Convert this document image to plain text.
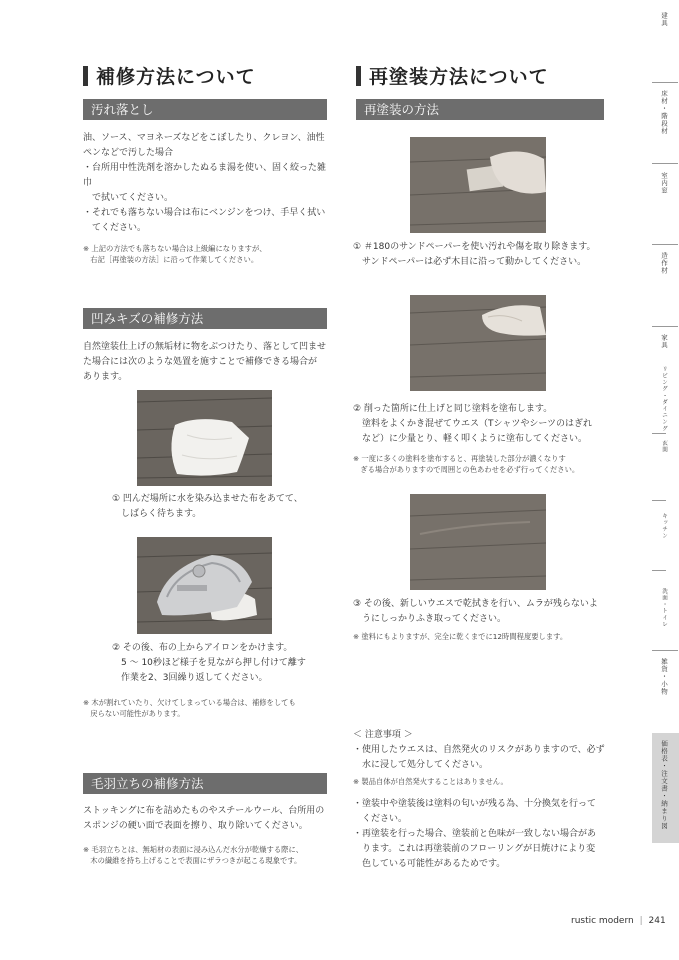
補修方法について
汚れ落とし

油、ソース、マヨネーズなどをこぼしたり、クレヨン、油性

ペンなどで汚した場合

・台所用中性洗剤を溶かしたぬるま湯を使い、固く絞った雑巾

　で拭いてください。

・それでも落ちない場合は布にベンジンをつけ、手早く拭い

　てください。

※ 上記の方法でも落ちない場合は上級編になりますが、

　右記［再塗装の方法］に沿って作業してください。

凹みキズの補修方法

自然塗装仕上げの無垢材に物をぶつけたり、落として凹ませ

た場合には次のような処置を施すことで補修できる場合が

あります。

① 凹んだ場所に水を染み込ませた布をあてて、

　しばらく待ちます。

② その後、布の上からアイロンをかけます。

　5 〜 10秒ほど様子を見ながら押し付けて離す

　作業を2、3回繰り返してください。

※ 木が割れていたり、欠けてしまっている場合は、補修をしても

　戻らない可能性があります。

毛羽立ちの補修方法

ストッキングに布を詰めたものやスチールウール、台所用の

スポンジの硬い面で表面を擦り、取り除いてください。

※ 毛羽立ちとは、無垢材の表面に浸み込んだ水分が乾燥する際に、

　木の繊維を持ち上げることで表面にザラつきが起こる現象です。

再塗装方法について
再塗装の方法

① ＃180のサンドペーパーを使い汚れや傷を取り除きます。

　サンドペーパーは必ず木目に沿って動かしてください。

② 削った箇所に仕上げと同じ塗料を塗布します。

　塗料をよくかき混ぜてウエス（Tシャツやシーツのはぎれ

　など）に少量とり、軽く叩くように塗布してください。

※ 一度に多くの塗料を塗布すると、再塗装した部分が濃くなりす

　ぎる場合がありますので周囲との色あわせを必ず行ってください。

③ その後、新しいウエスで乾拭きを行い、ムラが残らないよ

　うにしっかりふき取ってください。

※ 塗料にもよりますが、完全に乾くまでに12時間程度要します。

＜ 注意事項 ＞

・使用したウエスは、自然発火のリスクがありますので、必ず

　水に浸して処分してください。

※ 製品自体が自然発火することはありません。

・塗装中や塗装後は塗料の匂いが残る為、十分換気を行って

　ください。

・再塗装を行った場合、塗装前と色味が一致しない場合があ

　ります。これは再塗装前のフローリングが日焼けにより変

　色している可能性があるためです。

建具
床材・階段材
室内窓
造作材
家具
リビング・ダイニング
玄関
キッチン
洗面・トイレ
雑貨・小物
価格表・注文書・納まり図
rustic modern | 241
